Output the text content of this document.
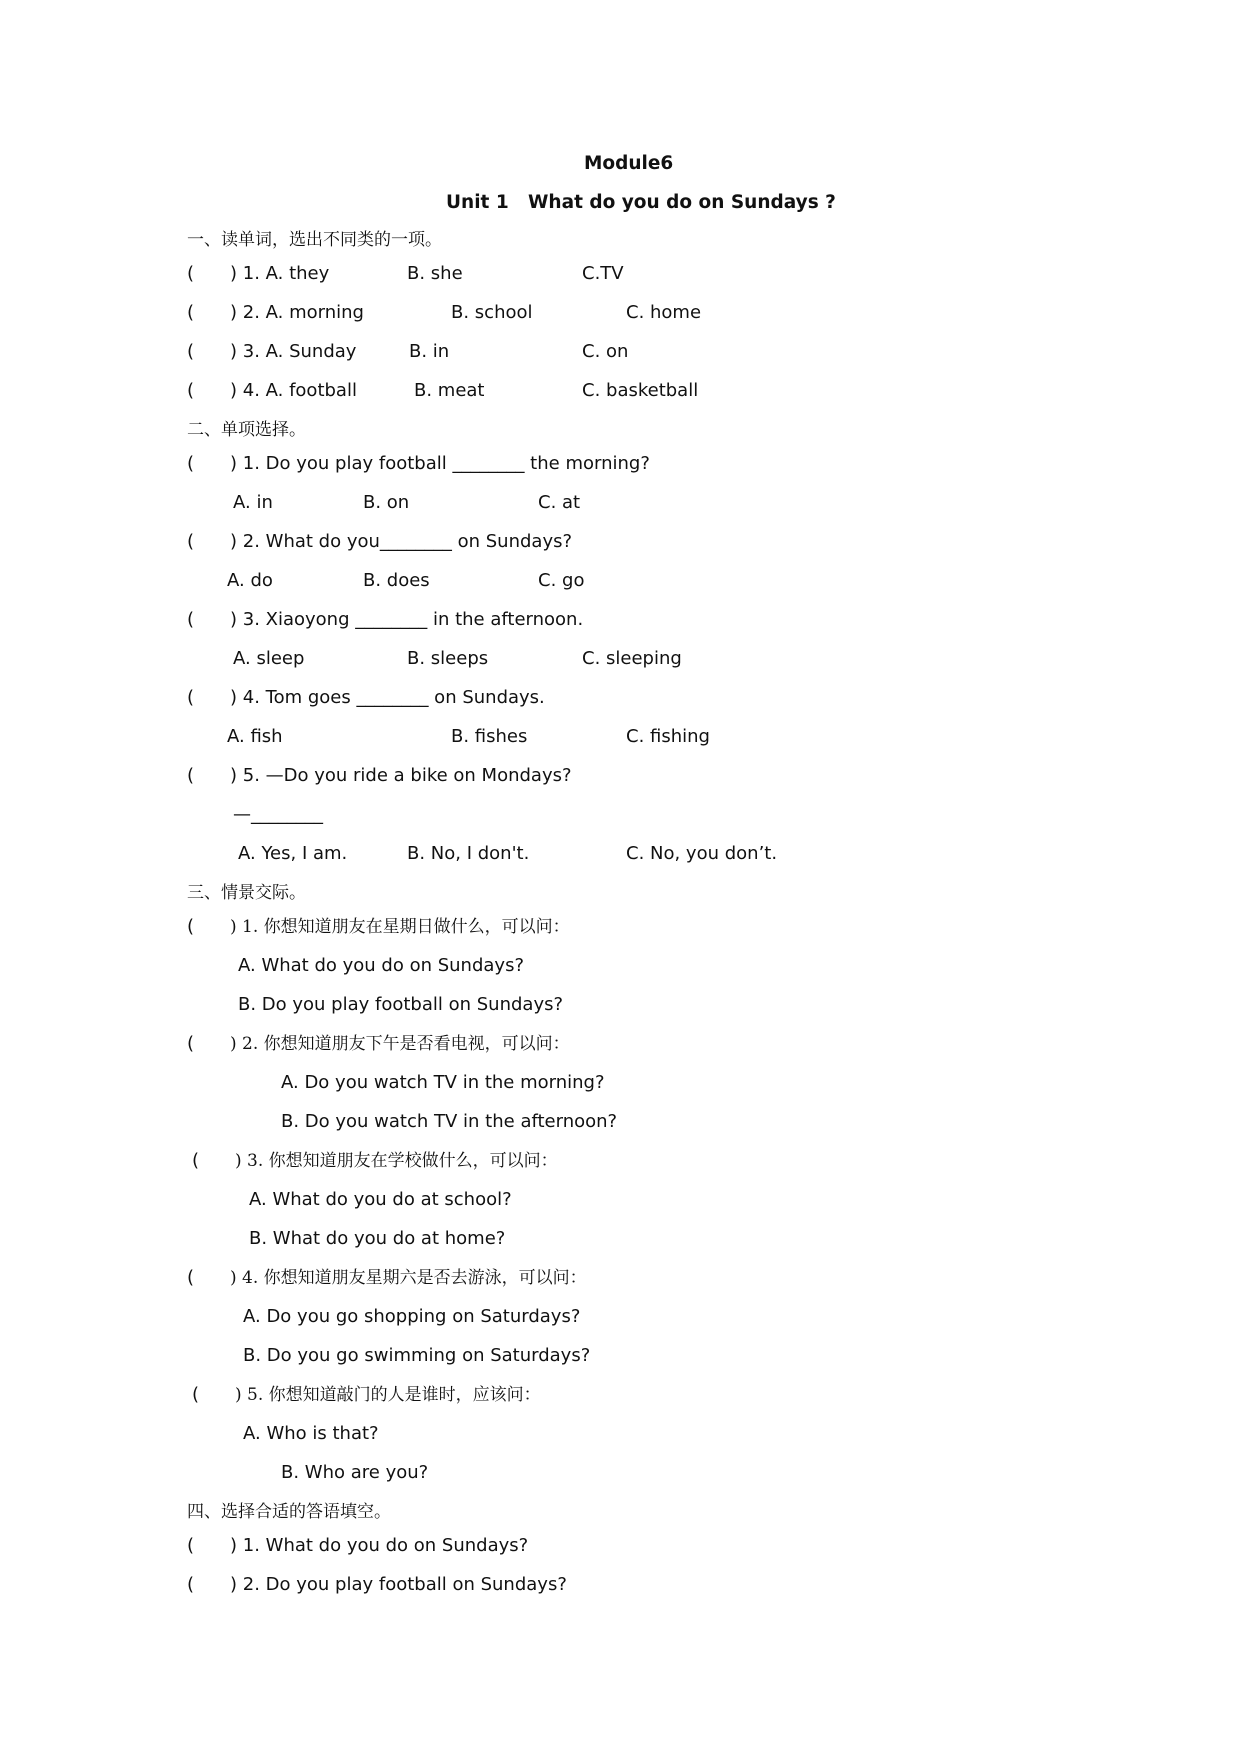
Module6
Unit 1   What do you do on Sundays ?
一、读单词，选出不同类的一项。
( ) 1. A. they	B. she	C.TV
( ) 2. A. morning	B. school	C. home
( ) 3. A. Sunday	B. in	C. on
( ) 4. A. football	B. meat	C. basketball
二、单项选择。
( ) 1. Do you play football ________ the morning?
A. in	B. on	C. at
( ) 2. What do you________ on Sundays?
A. do	B. does	C. go
( ) 3. Xiaoyong ________ in the afternoon.
A. sleep	B. sleeps	C. sleeping
( ) 4. Tom goes ________ on Sundays.
A. fish	B. fishes	C. fishing
( ) 5. —Do you ride a bike on Mondays?
—________
A. Yes, I am.	B. No, I don't.	C. No, you don’t.
三、情景交际。
( ) 1. 你想知道朋友在星期日做什么，可以问：
A. What do you do on Sundays?
B. Do you play football on Sundays?
( ) 2. 你想知道朋友下午是否看电视，可以问：
A. Do you watch TV in the morning?
B. Do you watch TV in the afternoon?
( ) 3. 你想知道朋友在学校做什么，可以问：
A. What do you do at school?
B. What do you do at home?
( ) 4. 你想知道朋友星期六是否去游泳，可以问：
A. Do you go shopping on Saturdays?
B. Do you go swimming on Saturdays?
( ) 5. 你想知道敲门的人是谁时，应该问：
A. Who is that?
B. Who are you?
四、选择合适的答语填空。
( ) 1. What do you do on Sundays?
( ) 2. Do you play football on Sundays?
